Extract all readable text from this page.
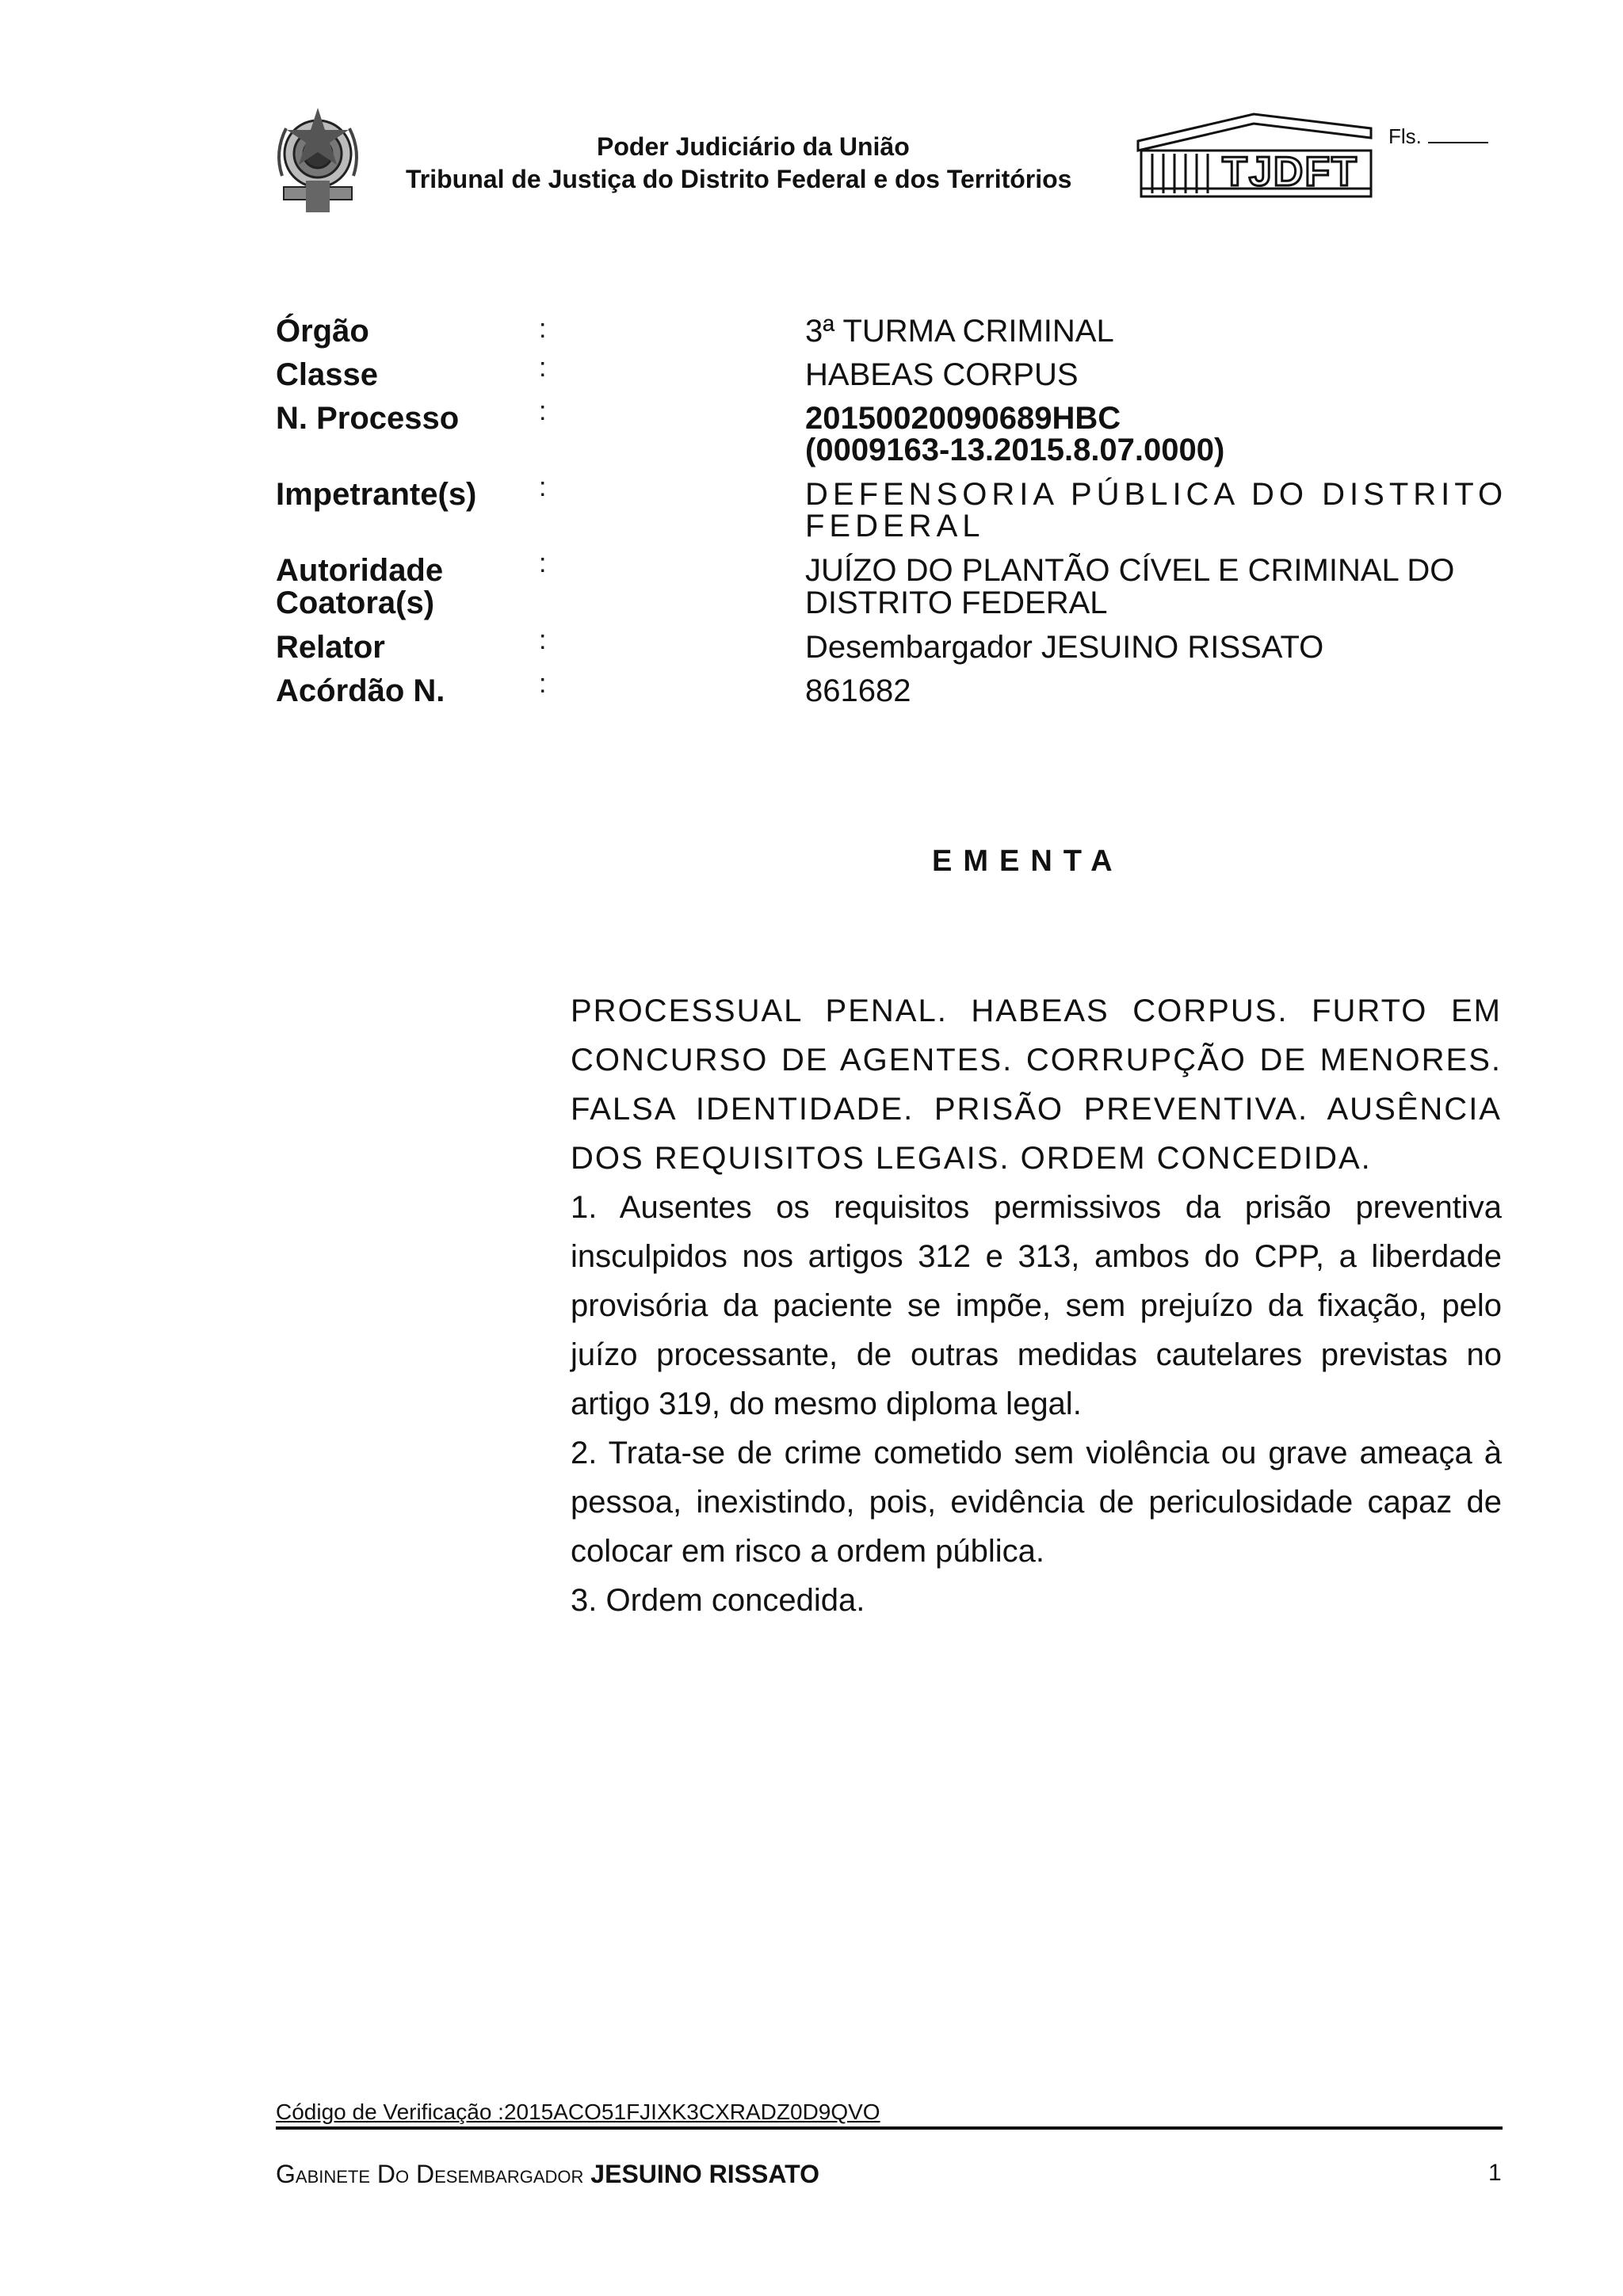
Poder Judiciário da União
Tribunal de Justiça do Distrito Federal e dos Territórios	TJDFT
Fls.
Órgão	:	3ª TURMA CRIMINAL
Classe	:	HABEAS CORPUS
N. Processo	:	20150020090689HBC
(0009163-13.2015.8.07.0000)
Impetrante(s) :	DEFENSORIA PÚBLICA DO DISTRITO
FEDERAL
Autoridade
Coatora(s)
:	JUÍZO DO PLANTÃO CÍVEL E CRIMINAL DO
DISTRITO FEDERAL
Relator	:	Desembargador JESUINO RISSATO
Acórdão N.	:	861682
EMENTA

PROCESSUAL PENAL. HABEAS CORPUS. FURTO EM CONCURSO DE AGENTES. CORRUPÇÃO DE MENORES. FALSA IDENTIDADE. PRISÃO PREVENTIVA. AUSÊNCIA DOS REQUISITOS LEGAIS. ORDEM CONCEDIDA.

1. Ausentes os requisitos permissivos da prisão preventiva insculpidos nos artigos 312 e 313, ambos do CPP, a liberdade provisória da paciente se impõe, sem prejuízo da fixação, pelo juízo processante, de outras medidas cautelares previstas no artigo 319, do mesmo diploma legal.

2. Trata-se de crime cometido sem violência ou grave ameaça à pessoa, inexistindo, pois, evidência de periculosidade capaz de colocar em risco a ordem pública.

3. Ordem concedida.

Código de Verificação :2015ACO51FJIXK3CXRADZ0D9QVO
Gabinete Do Desembargador JESUINO RISSATO	1
